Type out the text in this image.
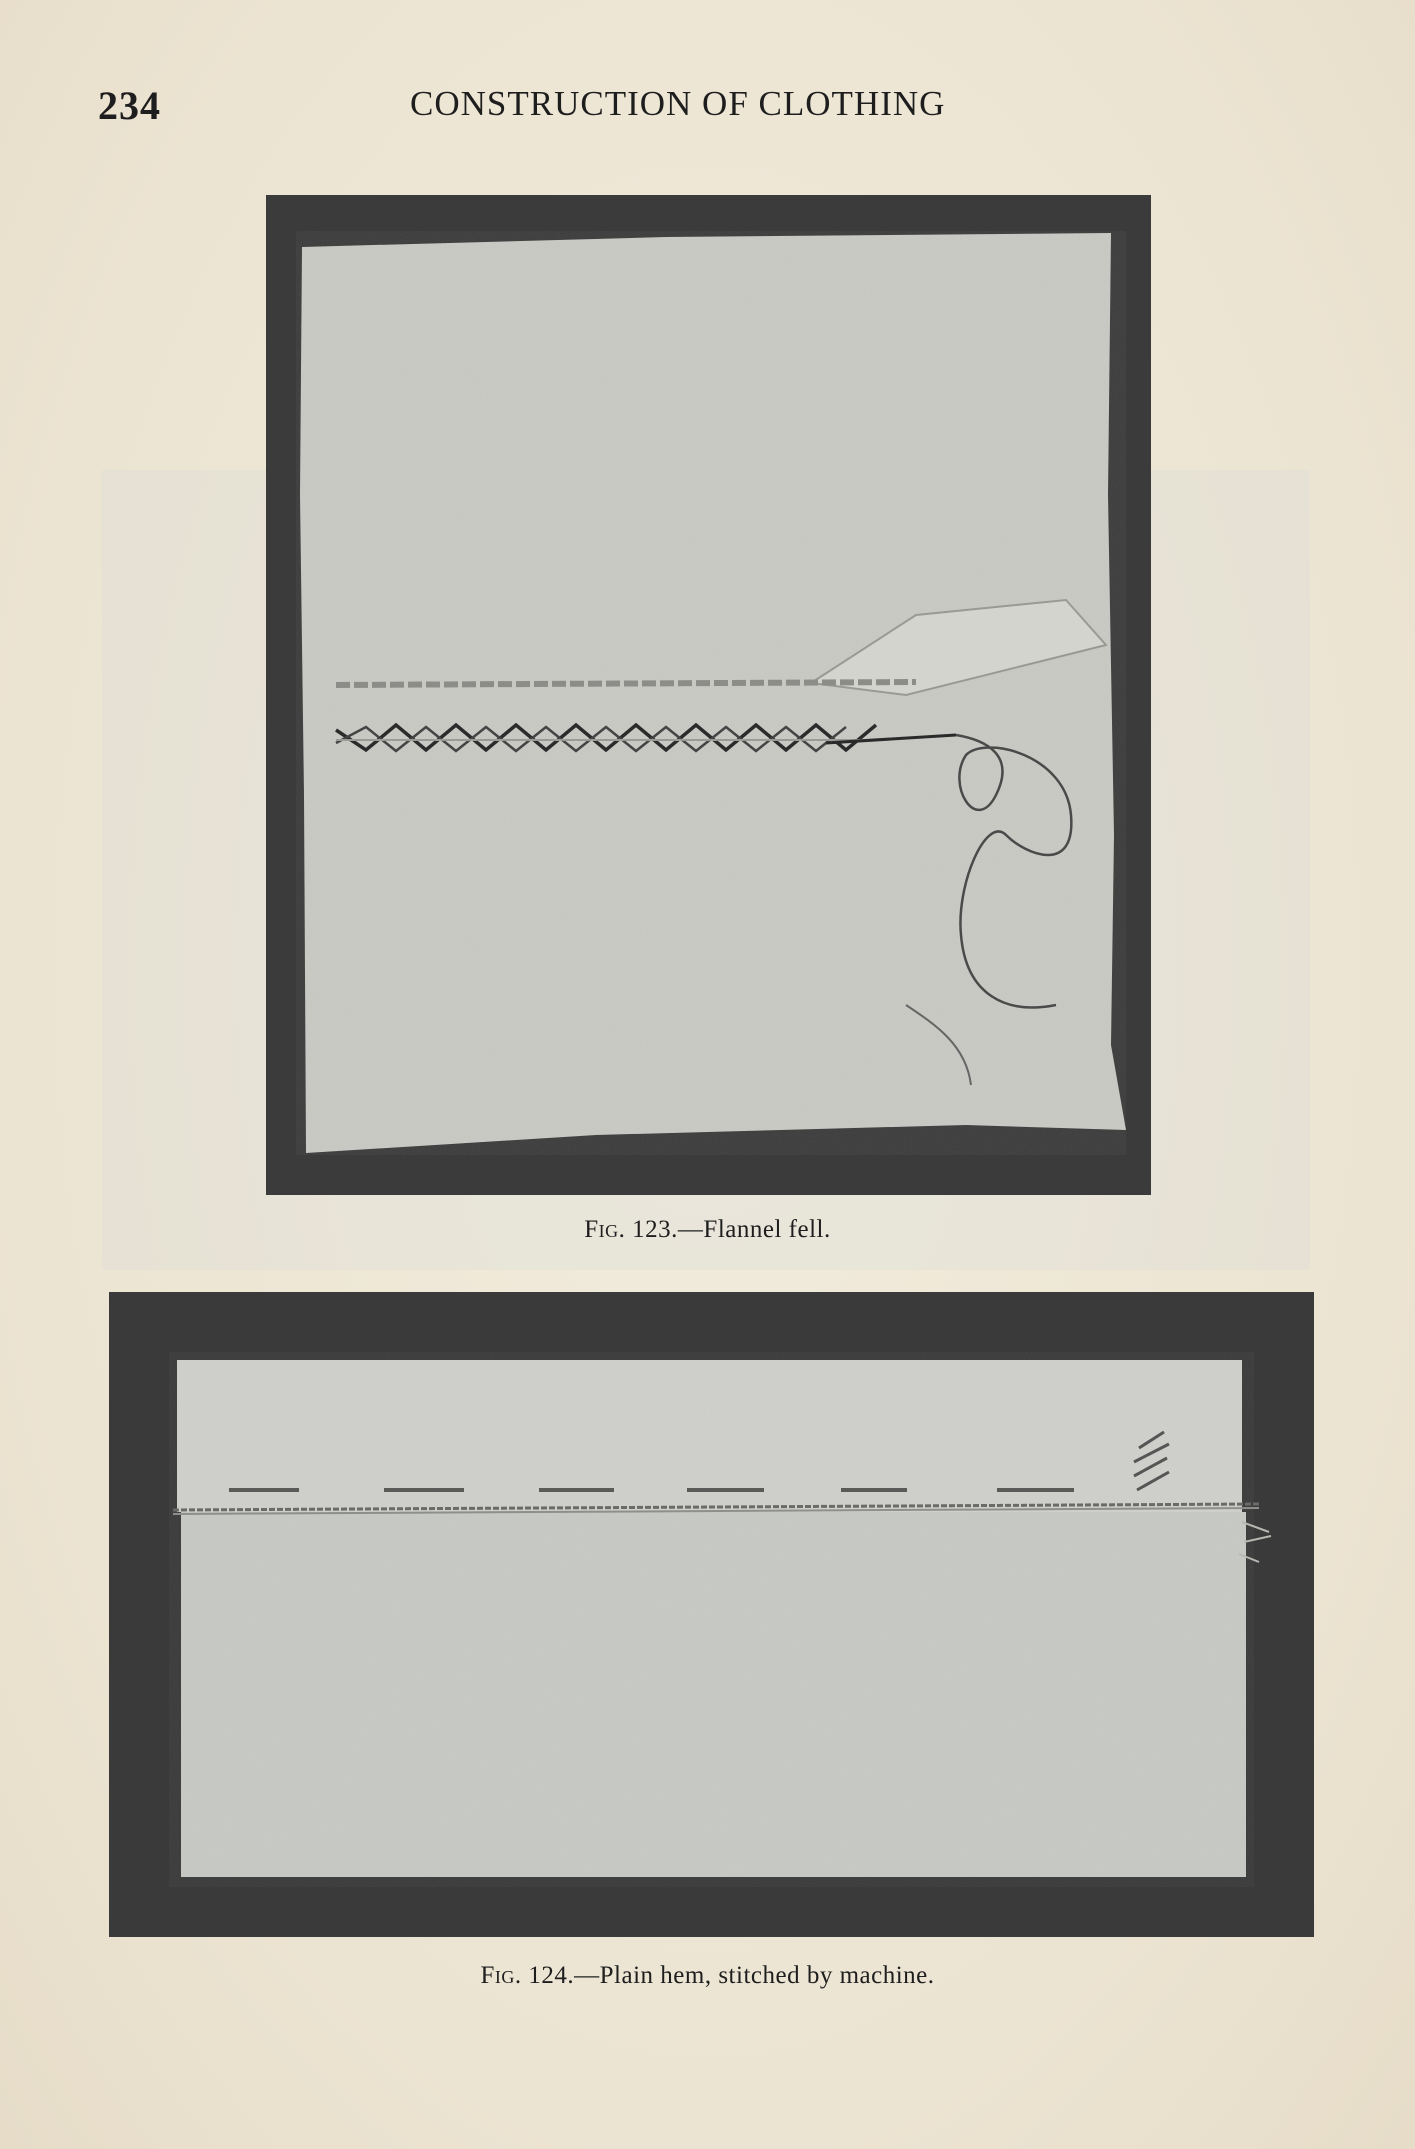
234	CONSTRUCTION OF CLOTHING
Fig. 123.—Flannel fell.
Fig. 124.—Plain hem, stitched by machine.
